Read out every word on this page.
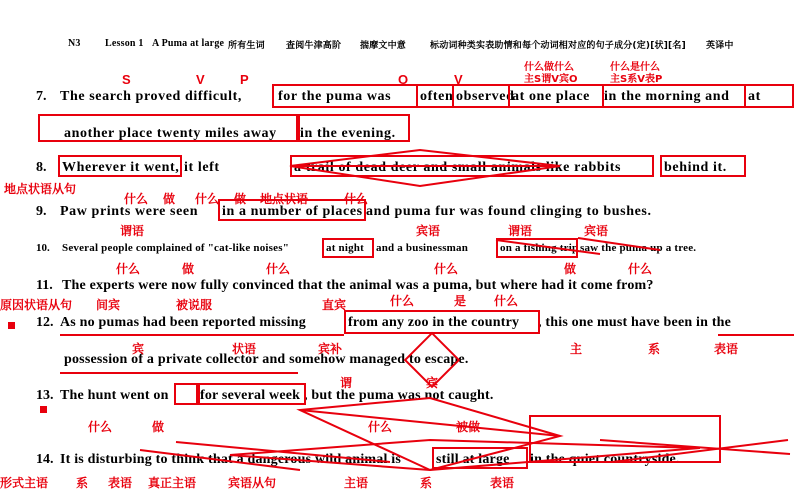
N3 Lesson 1 A Puma at large 所有生词 查阅牛津高阶 揣摩文中意	标动词种类实表助情和每个动词相对应的句子成分(定)[状][名] 英译中
什么做什么	什么是什么
主S谓V宾O	主S系V表P
S	V	P	O	V
7. The search proved difficult,	for the puma was often observed
at one place in the morning and at
another place twenty miles away in the evening.
8. Wherever it went, it left	a trail of dead deer and small animals like rabbits	behind it.
地点状语从句
什么 做 什么 做 地点状语	什么
9. Paw prints were seen in a number of places and puma fur was found clinging to bushes.
谓语	宾语	谓语	宾语
10. Several people complained of "cat-like noises"	at night and a businessman	on a fishing trip saw the puma up a tree.
什么	做	什么	什么	做	什么
11. The experts were now fully convinced that the animal was a puma, but where had it come from?
原因状语从句 间宾	被说服	直宾	什么	是 什么
12. As no pumas had been reported missing	from any zoo in the country , this one must have been in the
possession of a private collector and somehow managed to escape.
宾	状语	宾补	主	系	表语
谓	宾
13. The hunt went on for several week , but the puma was not caught.
什么	做	什么	被做
14. It is disturbing to think that a dangerous wild animal is still at large in the quiet countryside.
形式主语 系 表语 真正主语	宾语从句	主语	系	表语
